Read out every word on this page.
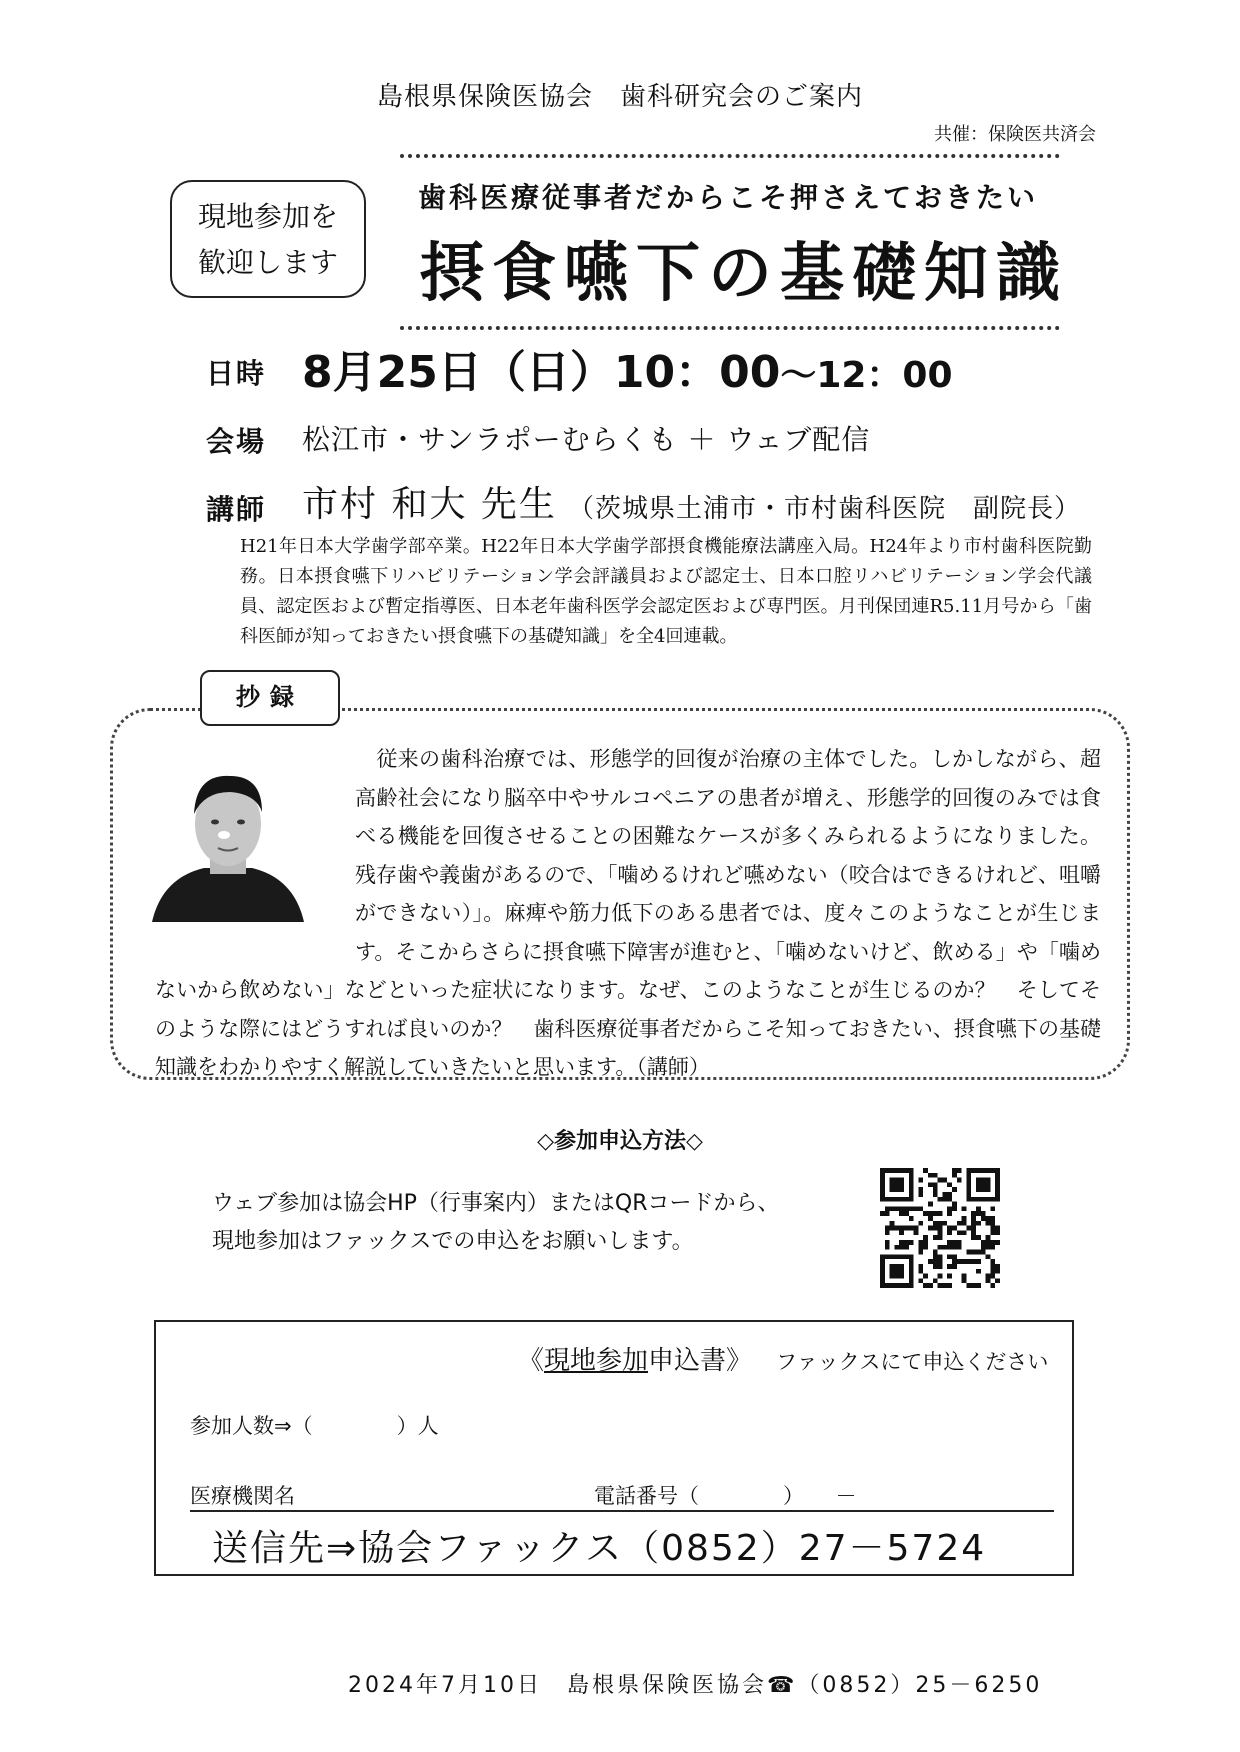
島根県保険医協会　歯科研究会のご案内
共催：保険医共済会
現地参加を
歓迎します
歯科医療従事者だからこそ押さえておきたい
摂食嚥下の基礎知識
日時 8月25日（日）10：00～12：00
会場 松江市・サンラポーむらくも ＋ ウェブ配信
講師 市村 和大 先生 （茨城県土浦市・市村歯科医院　副院長）
H21年日本大学歯学部卒業。H22年日本大学歯学部摂食機能療法講座入局。H24年より市村歯科医院勤務。日本摂食嚥下リハビリテーション学会評議員および認定士、日本口腔リハビリテーション学会代議員、認定医および暫定指導医、日本老年歯科医学会認定医および専門医。月刊保団連R5.11月号から「歯科医師が知っておきたい摂食嚥下の基礎知識」を全4回連載。
抄録
　従来の歯科治療では、形態学的回復が治療の主体でした。しかしながら、超高齢社会になり脳卒中やサルコペニアの患者が増え、形態学的回復のみでは食べる機能を回復させることの困難なケースが多くみられるようになりました。残存歯や義歯があるので、「噛めるけれど嚥めない（咬合はできるけれど、咀嚼ができない）」。麻痺や筋力低下のある患者では、度々このようなことが生じます。そこからさらに摂食嚥下障害が進むと、「噛めないけど、飲める」や「噛めないから飲めない」などといった症状になります。なぜ、このようなことが生じるのか？　そしてそのような際にはどうすれば良いのか？　歯科医療従事者だからこそ知っておきたい、摂食嚥下の基礎知識をわかりやすく解説していきたいと思います。（講師）
◇参加申込方法◇
ウェブ参加は協会HP（行事案内）またはQRコードから、
現地参加はファックスでの申込をお願いします。
《現地参加申込書》 ファックスにて申込ください
参加人数⇒（　　　　）人
医療機関名	電話番号（　　　　）　　－
送信先⇒協会ファックス（0852）27－5724
2024年7月10日　島根県保険医協会☎（0852）25－6250
